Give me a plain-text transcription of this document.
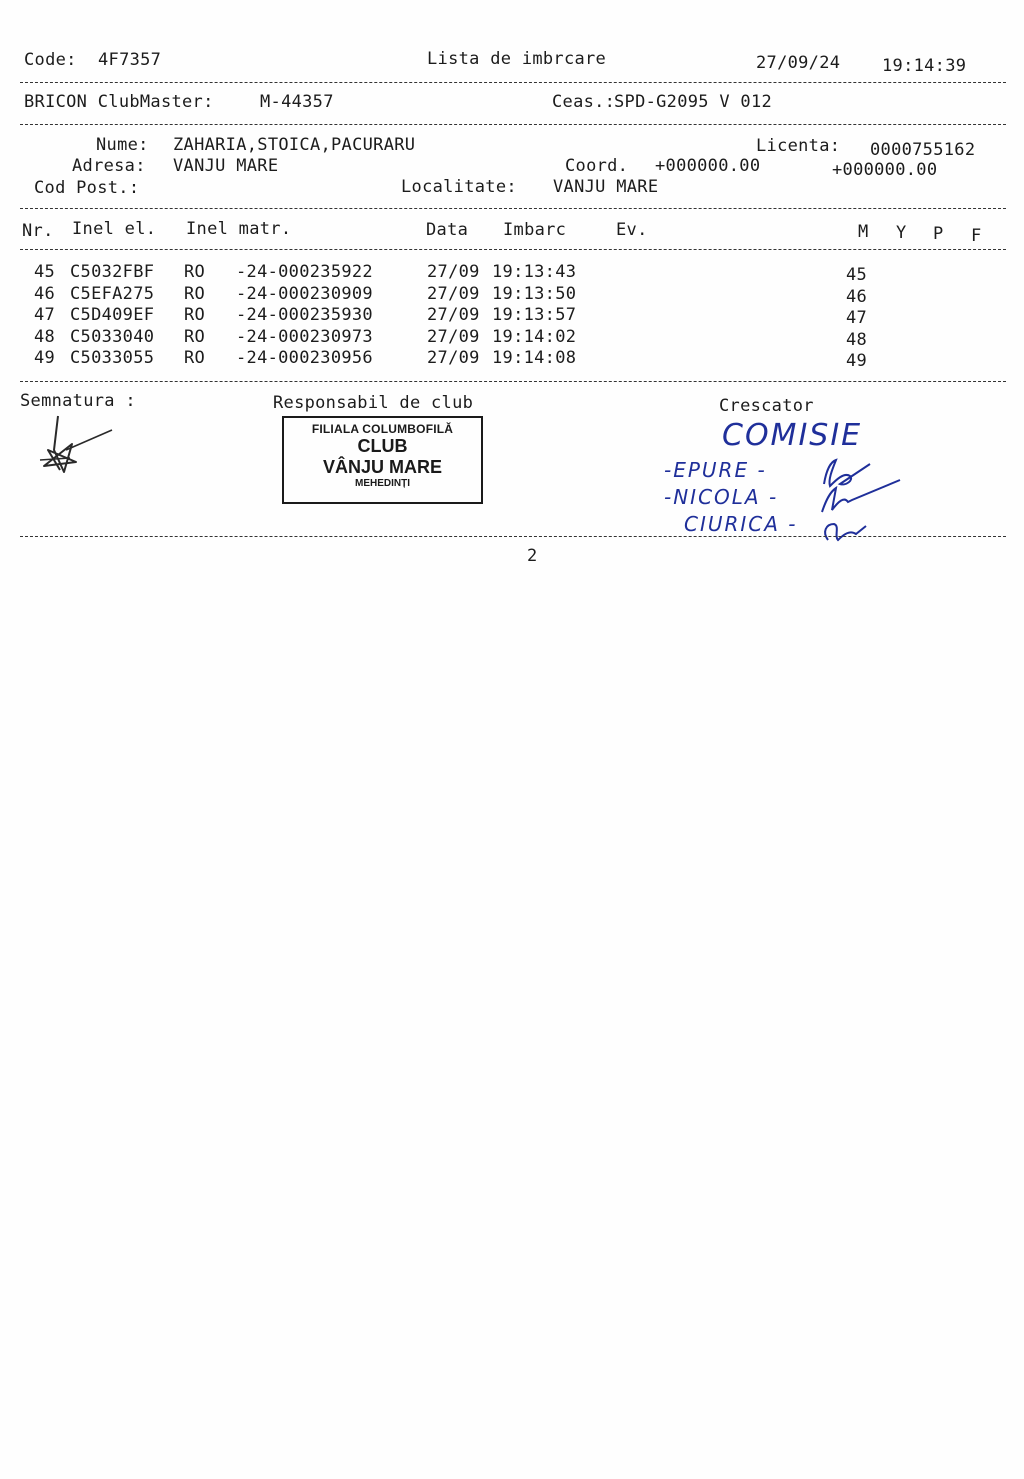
Code: 4F7357	Lista de imbrcare	27/09/24 19:14:39
BRICON ClubMaster:	M-44357	Ceas.:
SPD-G2095 V 012
Nume: ZAHARIA,STOICA,PACURARU	Licenta: 0000755162
Adresa: VANJU MARE	Coord. +000000.00	+000000.00
Cod Post.:	Localitate: VANJU MARE
Nr. Inel el. Inel matr.	Data Imbarc	Ev.	M Y P F
45 C5032FBF RO -24-000235922	27/09 19:13:43	45
46 C5EFA275 RO -24-000230909	27/09 19:13:50	46
47 C5D409EF RO -24-000235930	27/09 19:13:57	47
48 C5033040 RO -24-000230973	27/09 19:14:02	48
49 C5033055 RO -24-000230956	27/09 19:14:08	49
Semnatura :	Responsabil de club	Crescator
FILIALA COLUMBOFILĂ
CLUB
VÂNJU MARE
MEHEDINȚI
COMISIE
-EPURE -
-NICOLA -
CIURICA -
2
